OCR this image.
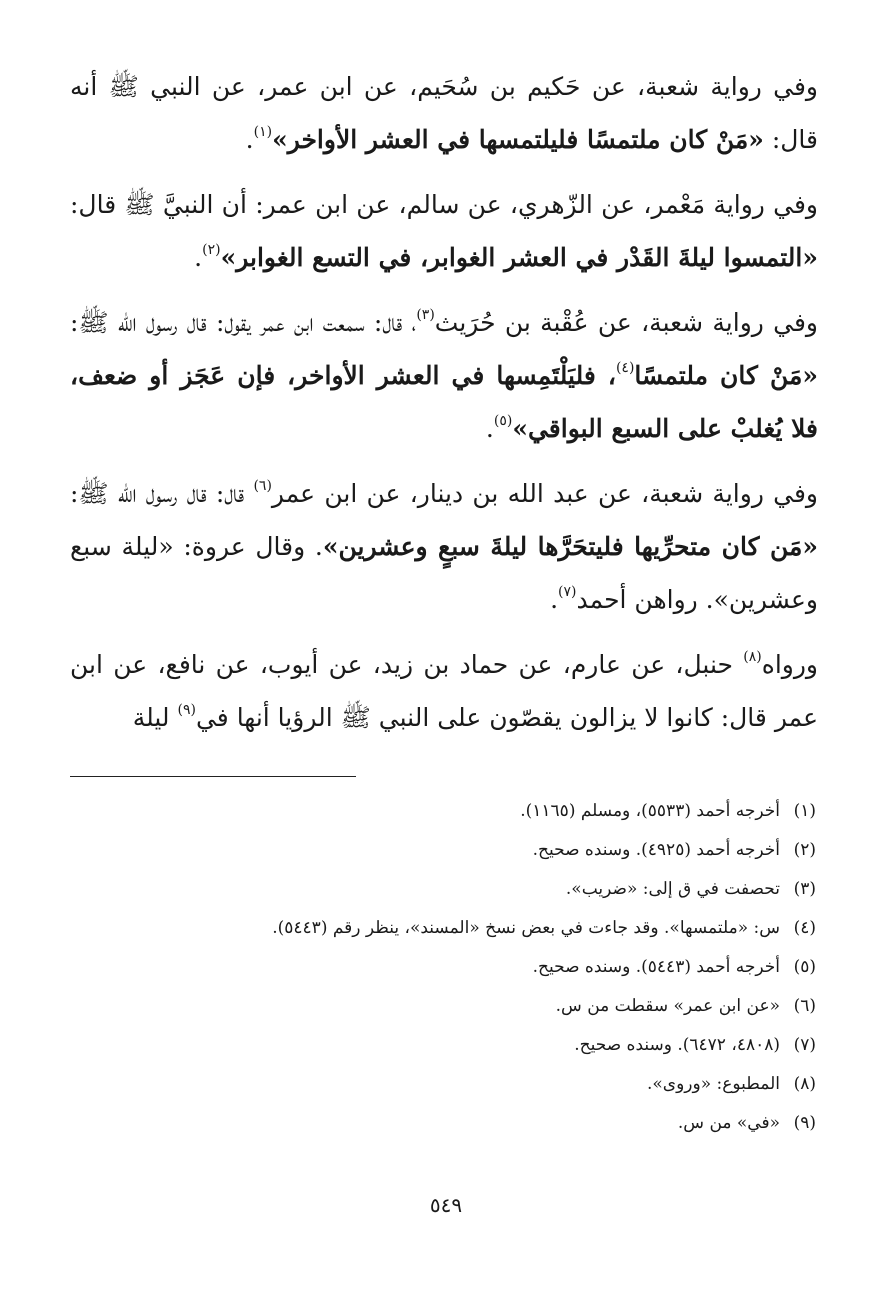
وفي رواية شعبة، عن حَكيم بن سُحَيم، عن ابن عمر، عن النبي ﷺ أنه قال: «مَنْ كان ملتمسًا فليلتمسها في العشر الأواخر»$^{(١)}$.

وفي رواية مَعْمر، عن الزّهري، عن سالم، عن ابن عمر: أن النبيَّ ﷺ قال: «التمسوا ليلةَ القَدْر في العشر الغوابر، في التسع الغوابر»$^{(٢)}$.

وفي رواية شعبة، عن عُقْبة بن حُرَيث$^{(٣)}$، قال: سمعت ابن عمر يقول: قال رسول الله ﷺ: «مَنْ كان ملتمسًا$^{(٤)}$، فليَلْتَمِسها في العشر الأواخر، فإن عَجَز أو ضعف، فلا يُغلبْ على السبع البواقي»$^{(٥)}$.

وفي رواية شعبة، عن عبد الله بن دينار، عن ابن عمر$^{(٦)}$ قال: قال رسول الله ﷺ: «مَن كان متحرِّيها فليتحَرَّها ليلةَ سبعٍ وعشرين». وقال عروة: «ليلة سبع وعشرين». رواهن أحمد$^{(٧)}$.

ورواه$^{(٨)}$ حنبل، عن عارم، عن حماد بن زيد، عن أيوب، عن نافع، عن ابن عمر قال: كانوا لا يزالون يقصّون على النبي ﷺ الرؤيا أنها في$^{(٩)}$ ليلة

(١)أخرجه أحمد (٥٥٣٣)، ومسلم (١١٦٥).
(٢)أخرجه أحمد (٤٩٢٥). وسنده صحيح.
(٣)تحصفت في ق إلى: «ضريب».
(٤)س: «ملتمسها». وقد جاءت في بعض نسخ «المسند»، ينظر رقم (٥٤٤٣).
(٥)أخرجه أحمد (٥٤٤٣). وسنده صحيح.
(٦)«عن ابن عمر» سقطت من س.
(٧)(٤٨٠٨، ٦٤٧٢). وسنده صحيح.
(٨)المطبوع: «وروى».
(٩)«في» من س.
٥٤٩
